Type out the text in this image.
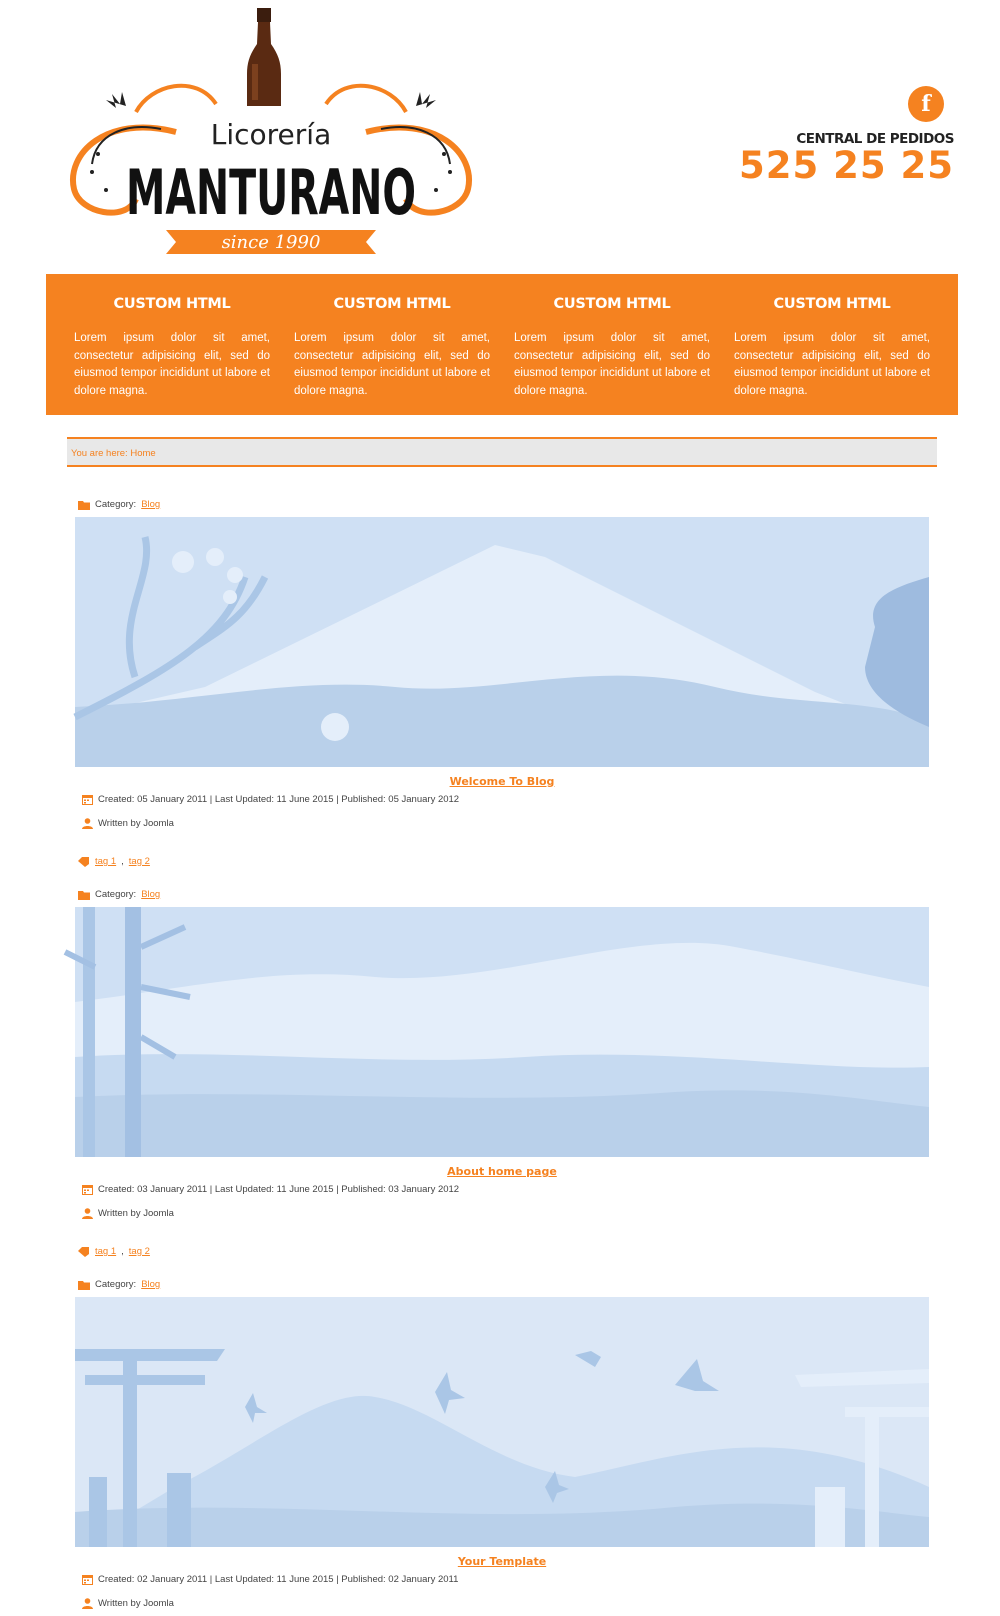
Licorería
MANTURANO
since 1990
f
CENTRAL DE PEDIDOS
525 25 25
CUSTOM HTML

Lorem ipsum dolor sit amet, consectetur adipisicing elit, sed do eiusmod tempor incididunt ut labore et dolore magna.

CUSTOM HTML

Lorem ipsum dolor sit amet, consectetur adipisicing elit, sed do eiusmod tempor incididunt ut labore et dolore magna.

CUSTOM HTML

Lorem ipsum dolor sit amet, consectetur adipisicing elit, sed do eiusmod tempor incididunt ut labore et dolore magna.

CUSTOM HTML

Lorem ipsum dolor sit amet, consectetur adipisicing elit, sed do eiusmod tempor incididunt ut labore et dolore magna.

You are here: Home
Category: Blog
Welcome To Blog
Created: 05 January 2011 | Last Updated: 11 June 2015 | Published: 05 January 2012
Written by Joomla
tag 1 , tag 2
Category: Blog
About home page
Created: 03 January 2011 | Last Updated: 11 June 2015 | Published: 03 January 2012
Written by Joomla
tag 1 , tag 2
Category: Blog
Your Template
Created: 02 January 2011 | Last Updated: 11 June 2015 | Published: 02 January 2011
Written by Joomla
